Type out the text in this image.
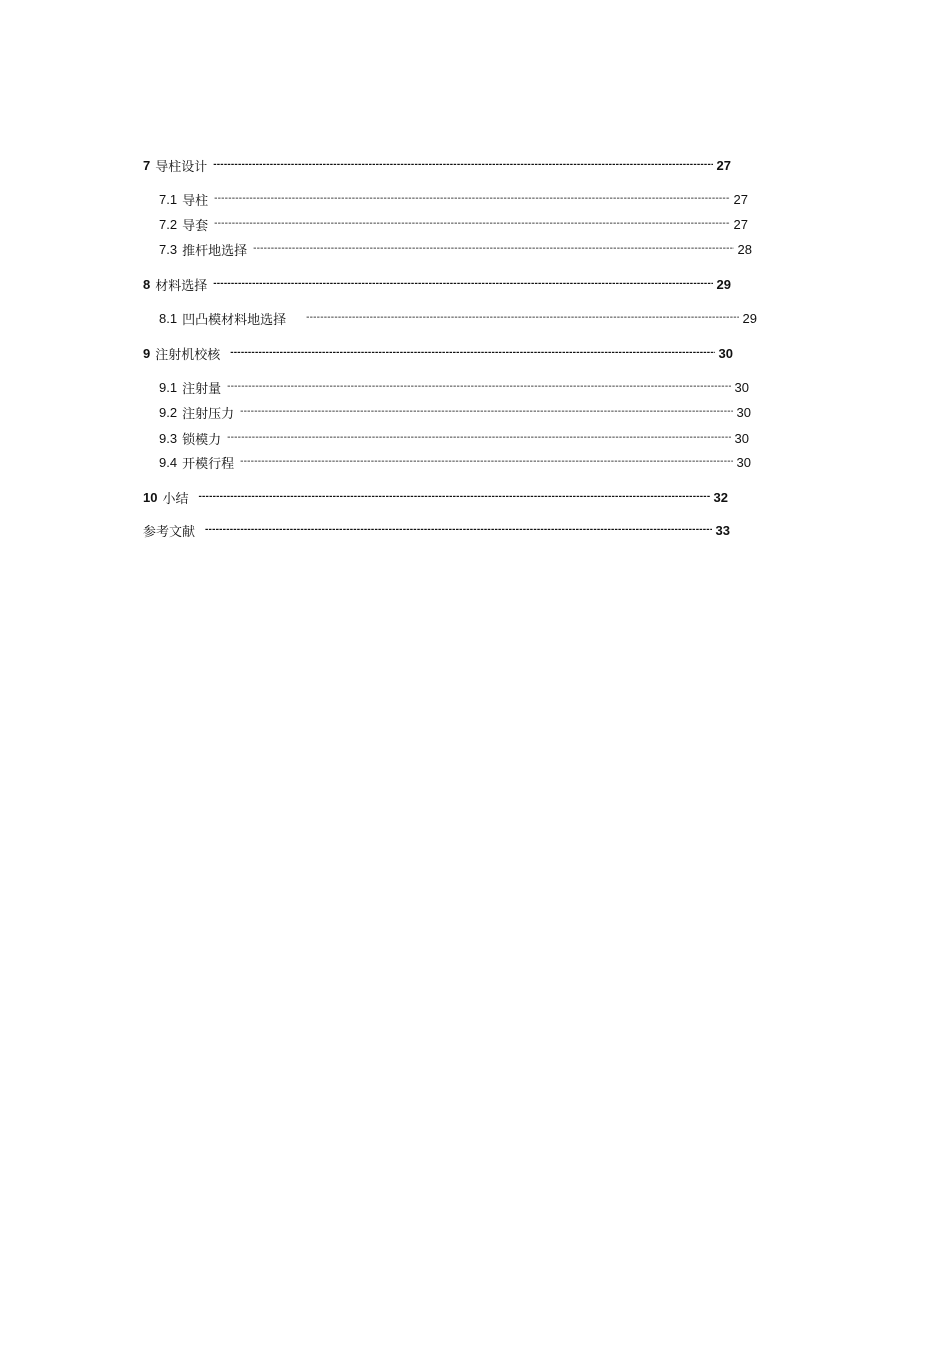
7 导柱设计 -----	27
7.1 导柱 -----	27
7.2 导套 -----	27
7.3 推杆地选择 -----	28
8 材料选择 -----	29
8.1 凹凸模材料地选择 -----	29
9 注射机校核 -----	30
9.1 注射量 -----	30
9.2 注射压力 -----	30
9.3 锁模力 -----	30
9.4 开模行程 -----	30
10 小结 -----	32
参考文献 -----	33
